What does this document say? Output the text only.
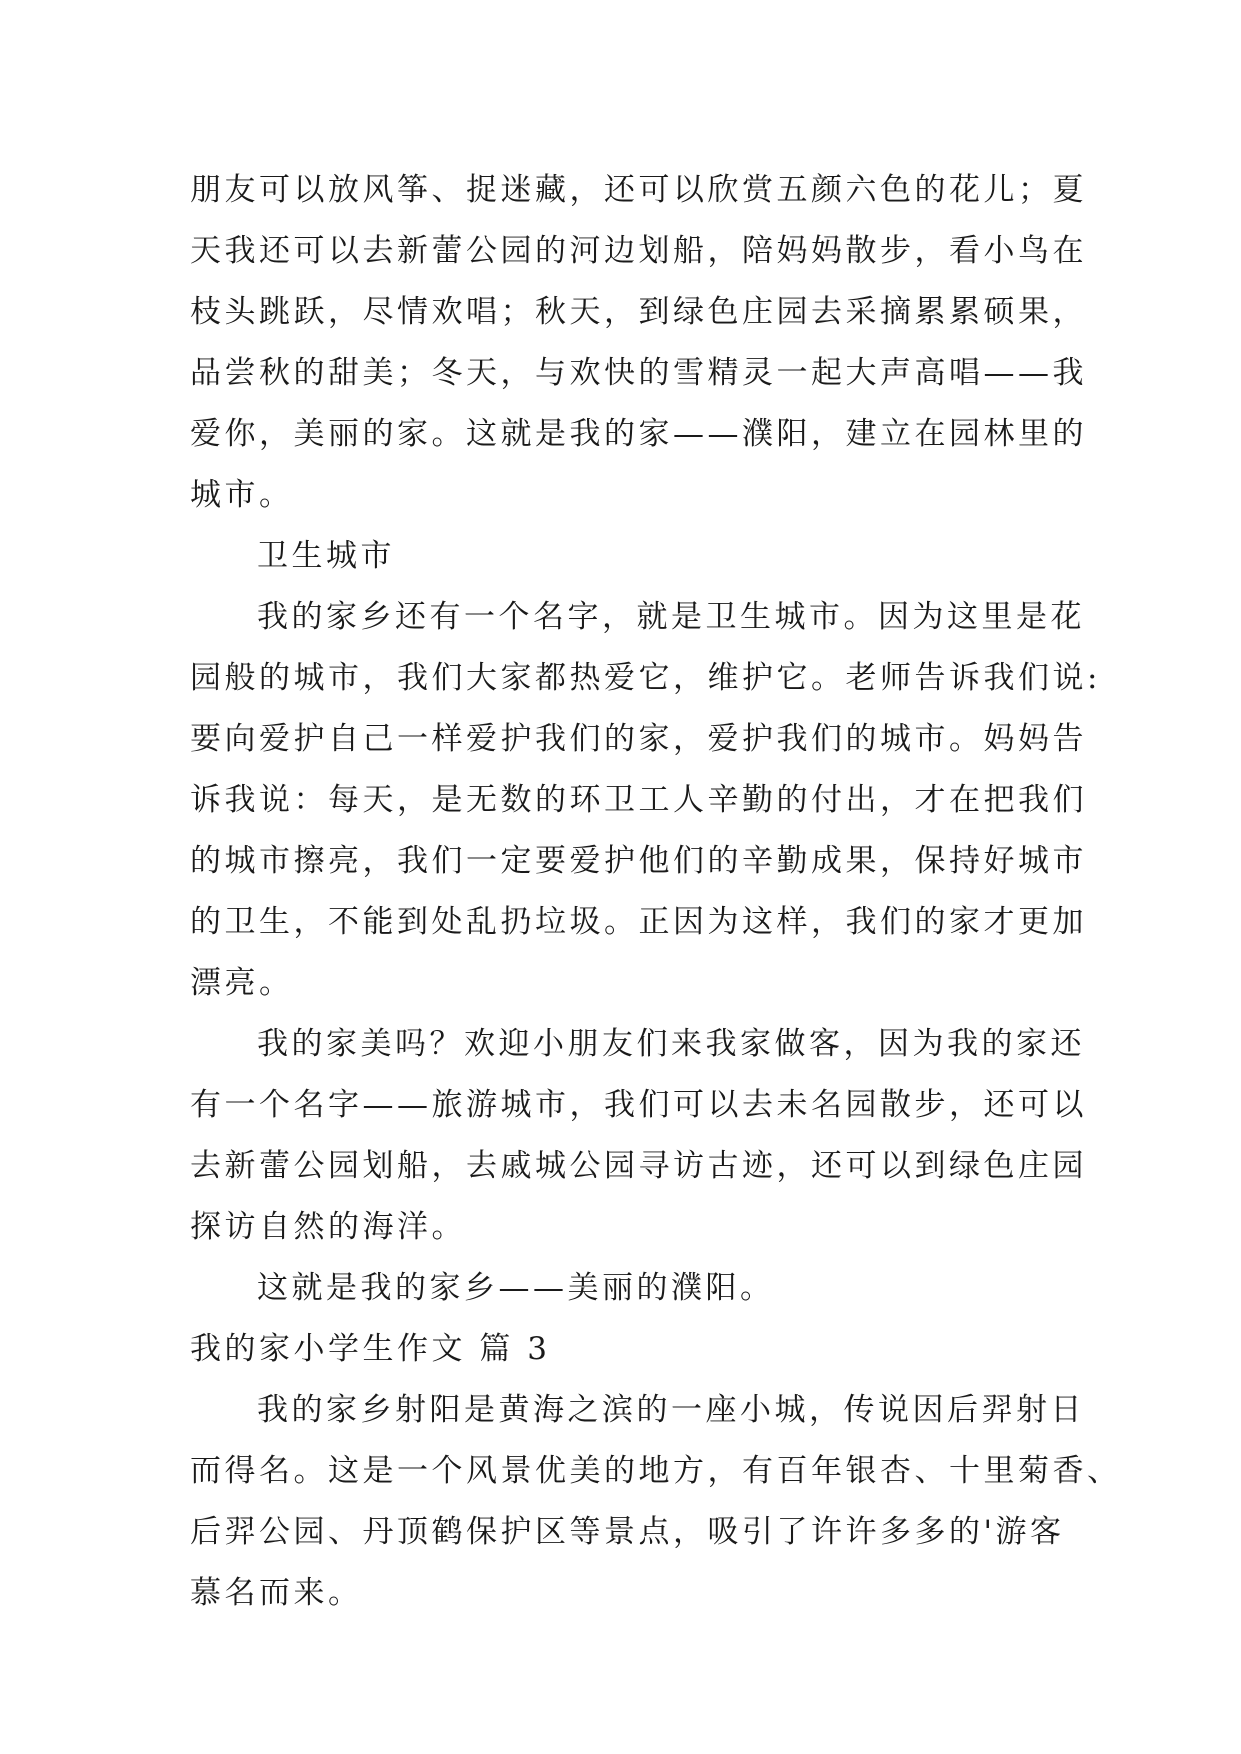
朋友可以放风筝、捉迷藏，还可以欣赏五颜六色的花儿；夏
天我还可以去新蕾公园的河边划船，陪妈妈散步，看小鸟在
枝头跳跃，尽情欢唱；秋天，到绿色庄园去采摘累累硕果，
品尝秋的甜美；冬天，与欢快的雪精灵一起大声高唱——我
爱你，美丽的家。这就是我的家——濮阳，建立在园林里的
城市。
卫生城市
我的家乡还有一个名字，就是卫生城市。因为这里是花
园般的城市，我们大家都热爱它，维护它。老师告诉我们说:
要向爱护自己一样爱护我们的家，爱护我们的城市。妈妈告
诉我说：每天，是无数的环卫工人辛勤的付出，才在把我们
的城市擦亮，我们一定要爱护他们的辛勤成果，保持好城市
的卫生，不能到处乱扔垃圾。正因为这样，我们的家才更加
漂亮。
我的家美吗？欢迎小朋友们来我家做客，因为我的家还
有一个名字——旅游城市，我们可以去未名园散步，还可以
去新蕾公园划船，去戚城公园寻访古迹，还可以到绿色庄园
探访自然的海洋。
这就是我的家乡——美丽的濮阳。
我的家小学生作文 篇 3
我的家乡射阳是黄海之滨的一座小城，传说因后羿射日
而得名。这是一个风景优美的地方，有百年银杏、十里菊香、
后羿公园、丹顶鹤保护区等景点，吸引了许许多多的'游客
慕名而来。
